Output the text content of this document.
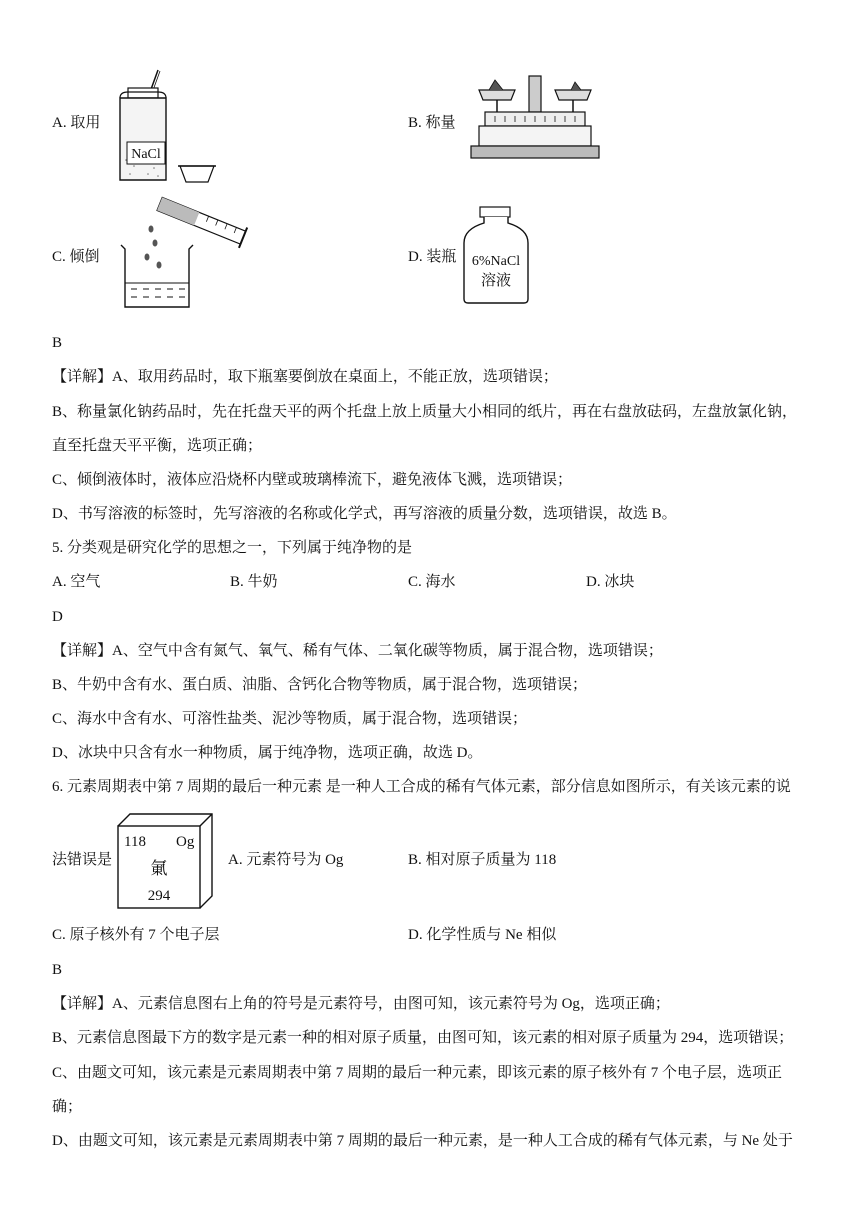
A. 取用
NaCl
B. 称量
C. 倾倒	D. 装瓶 6%NaCl
溶液
B
【详解】A、取用药品时，取下瓶塞要倒放在桌面上，不能正放，选项错误；
B、称量氯化钠药品时，先在托盘天平的两个托盘上放上质量大小相同的纸片，再在右盘放砝码，左盘放氯化钠，
直至托盘天平平衡，选项正确；
C、倾倒液体时，液体应沿烧杯内壁或玻璃棒流下，避免液体飞溅，选项错误；
D、书写溶液的标签时，先写溶液的名称或化学式，再写溶液的质量分数，选项错误，故选 B。
5. 分类观是研究化学的思想之一，下列属于纯净物的是
A. 空气	B. 牛奶	C. 海水	D. 冰块
D
【详解】A、空气中含有氮气、氧气、稀有气体、二氧化碳等物质，属于混合物，选项错误；
B、牛奶中含有水、蛋白质、油脂、含钙化合物等物质，属于混合物，选项错误；
C、海水中含有水、可溶性盐类、泥沙等物质，属于混合物，选项错误；
D、冰块中只含有水一种物质，属于纯净物，选项正确，故选 D。
6. 元素周期表中第 7 周期的最后一种元素 是一种人工合成的稀有气体元素，部分信息如图所示，有关该元素的说
法错误是
118 Og
氭
294
A. 元素符号为 Og	B. 相对原子质量为 118
C. 原子核外有 7 个电子层	D. 化学性质与 Ne 相似
B
【详解】A、元素信息图右上角的符号是元素符号，由图可知，该元素符号为 Og，选项正确；
B、元素信息图最下方的数字是元素一种的相对原子质量，由图可知，该元素的相对原子质量为 294，选项错误；
C、由题文可知，该元素是元素周期表中第 7 周期的最后一种元素，即该元素的原子核外有 7 个电子层，选项正
确；
D、由题文可知，该元素是元素周期表中第 7 周期的最后一种元素，是一种人工合成的稀有气体元素，与 Ne 处于
